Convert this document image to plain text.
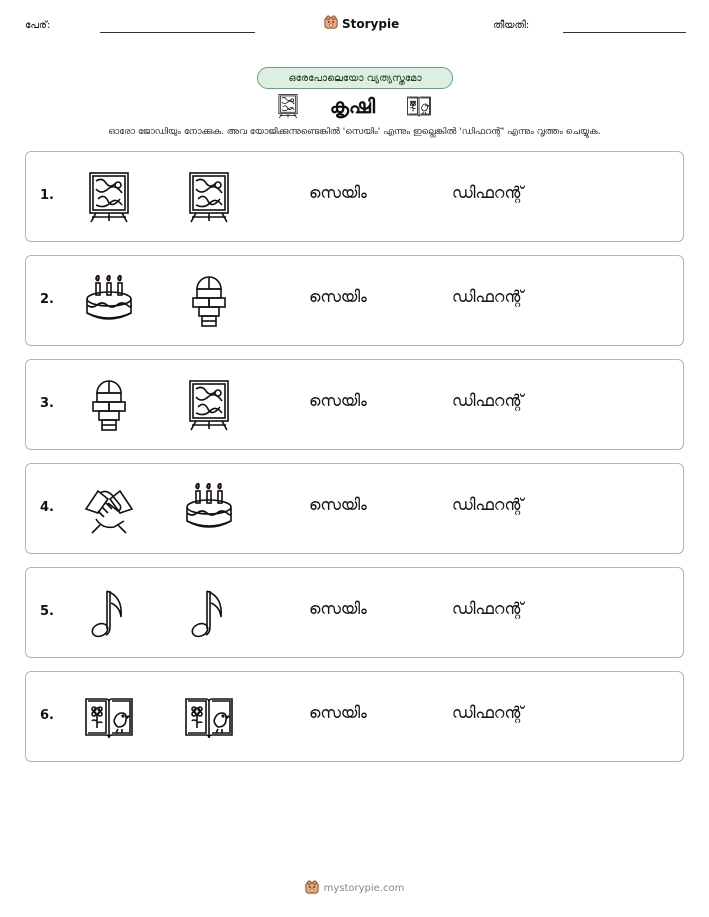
പേര്:	Storypie	തീയതി:
ഒരേപോലെയോ വ്യത്യസ്തമോ
കൃഷി
ഓരോ ജോഡിയും നോക്കുക. അവ യോജിക്കുന്നുണ്ടെങ്കിൽ 'സെയിം' എന്നും ഇല്ലെങ്കിൽ 'ഡിഫറന്റ്' എന്നും വൃത്തം ചെയ്യുക.
1.	സെയിം	ഡിഫറന്റ്
2.	സെയിം	ഡിഫറന്റ്
3.	സെയിം	ഡിഫറന്റ്
4.	സെയിം	ഡിഫറന്റ്
5.	സെയിം	ഡിഫറന്റ്
6.	സെയിം	ഡിഫറന്റ്
mystorypie.com
